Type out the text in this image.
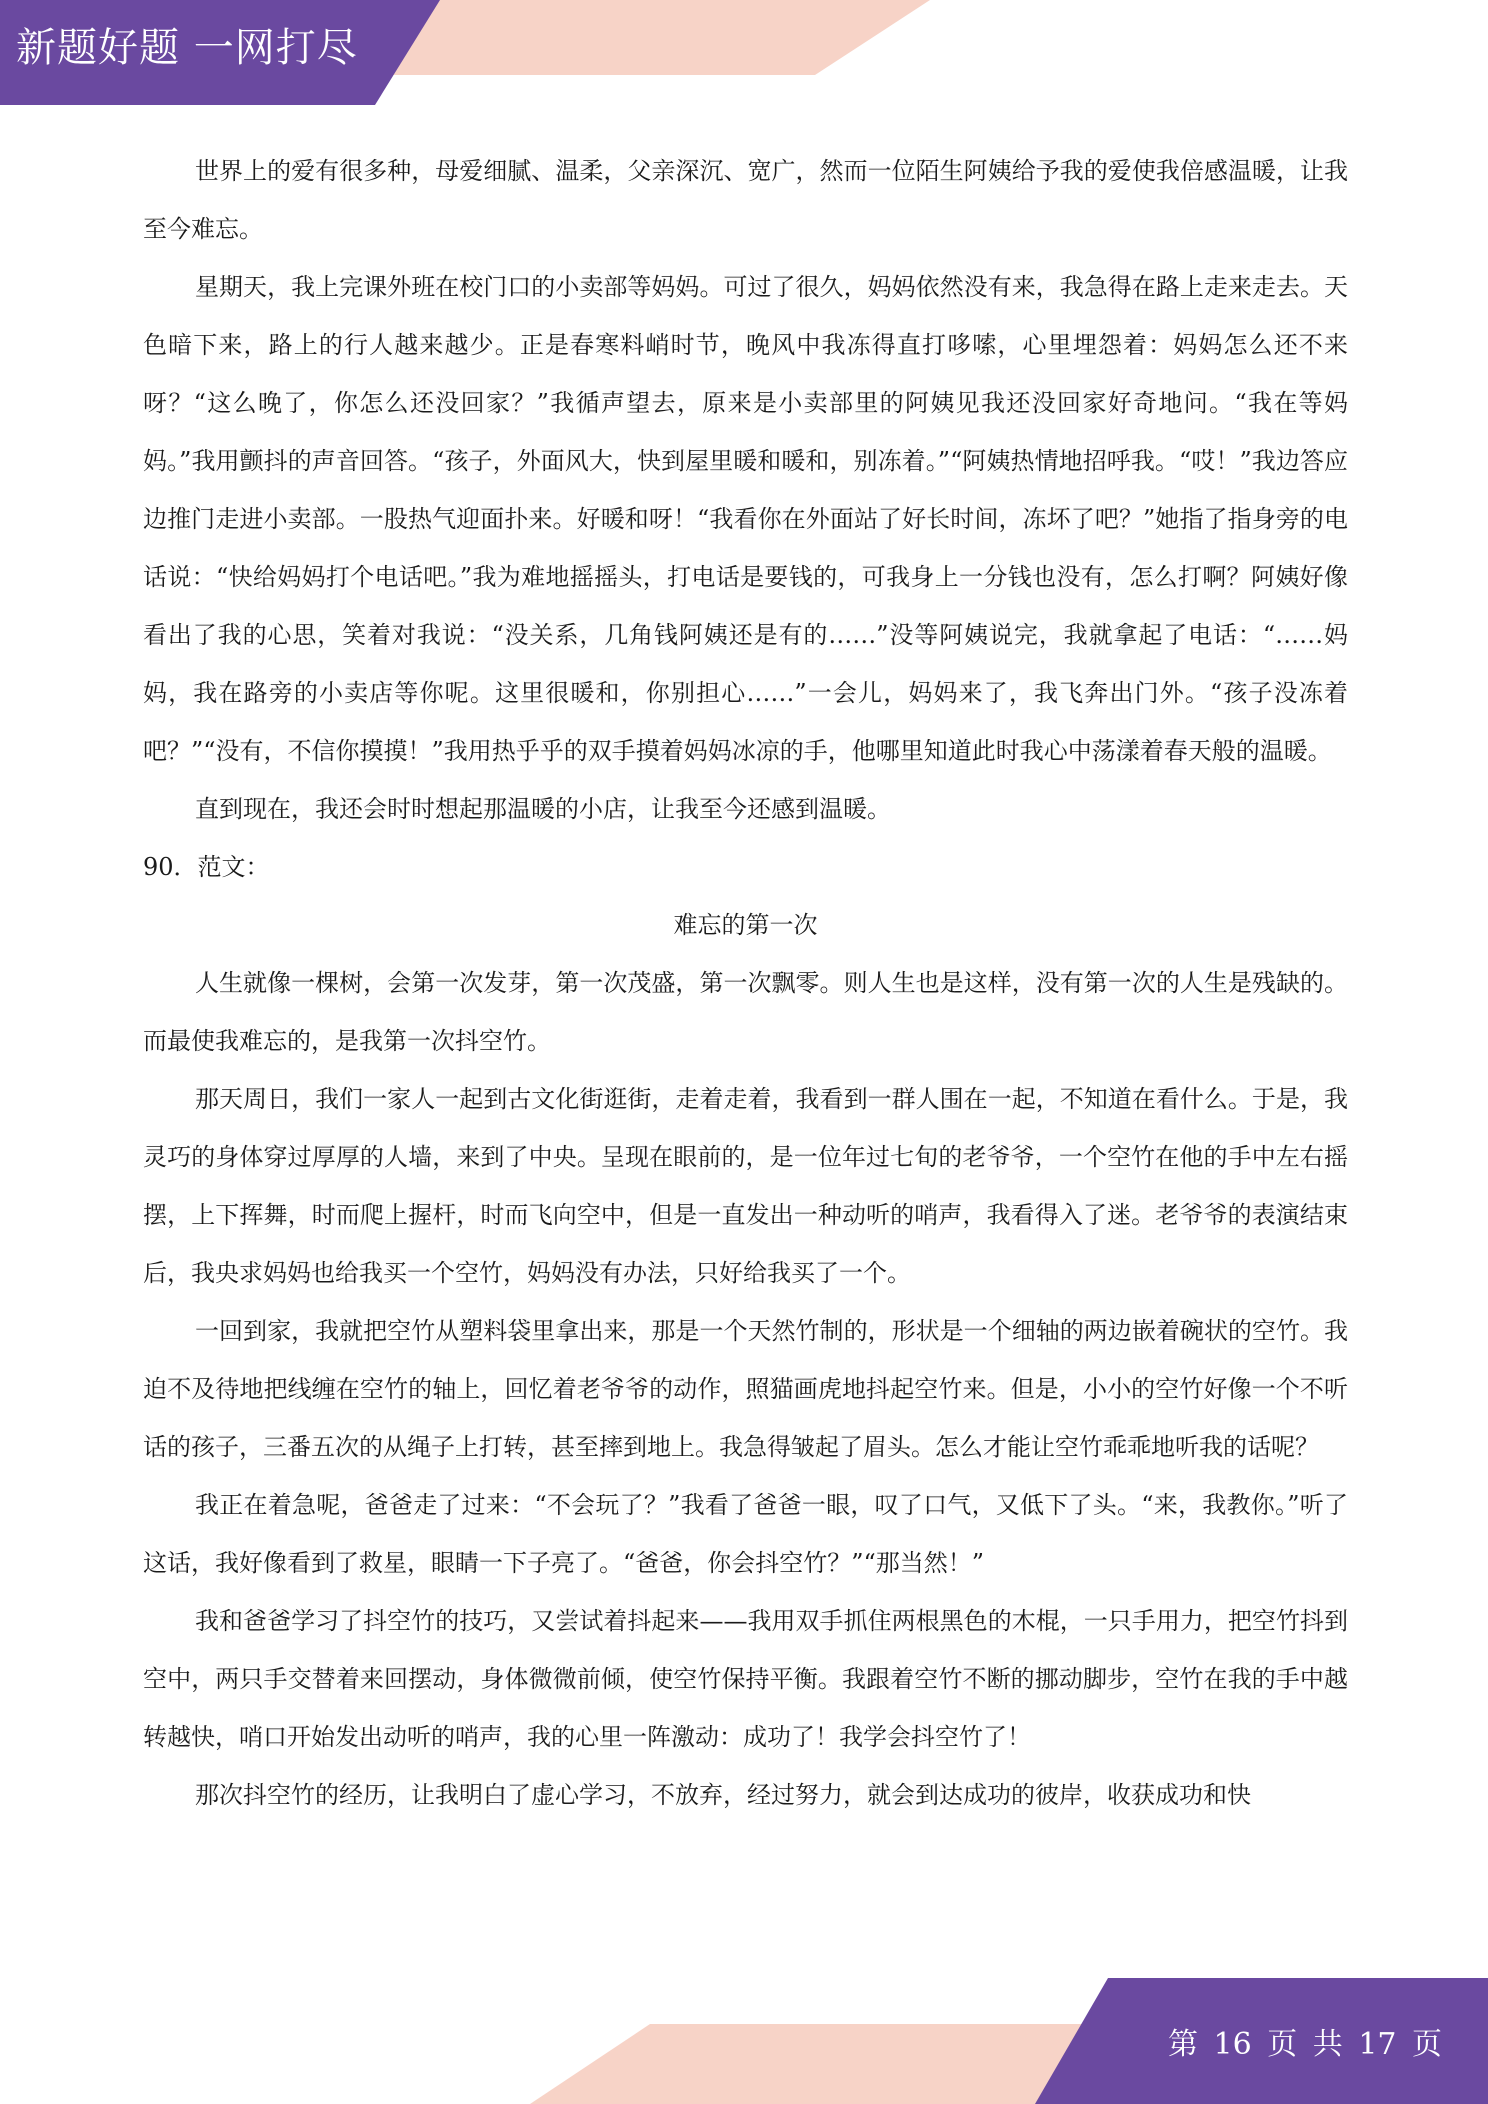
新题好题 一网打尽

世界上的爱有很多种，母爱细腻、温柔，父亲深沉、宽广，然而一位陌生阿姨给予我的爱使我倍感温暖，让我至今难忘。

星期天，我上完课外班在校门口的小卖部等妈妈。可过了很久，妈妈依然没有来，我急得在路上走来走去。天色暗下来，路上的行人越来越少。正是春寒料峭时节，晚风中我冻得直打哆嗦，心里埋怨着：妈妈怎么还不来呀？“这么晚了，你怎么还没回家？”我循声望去，原来是小卖部里的阿姨见我还没回家好奇地问。“我在等妈妈。”我用颤抖的声音回答。“孩子，外面风大，快到屋里暖和暖和，别冻着。”“阿姨热情地招呼我。“哎！”我边答应边推门走进小卖部。一股热气迎面扑来。好暖和呀！“我看你在外面站了好长时间，冻坏了吧？”她指了指身旁的电话说：“快给妈妈打个电话吧。”我为难地摇摇头，打电话是要钱的，可我身上一分钱也没有，怎么打啊？阿姨好像看出了我的心思，笑着对我说：“没关系，几角钱阿姨还是有的……”没等阿姨说完，我就拿起了电话：“……妈妈，我在路旁的小卖店等你呢。这里很暖和，你别担心……”一会儿，妈妈来了，我飞奔出门外。“孩子没冻着吧？”“没有，不信你摸摸！”我用热乎乎的双手摸着妈妈冰凉的手，他哪里知道此时我心中荡漾着春天般的温暖。

直到现在，我还会时时想起那温暖的小店，让我至今还感到温暖。

90．范文：

难忘的第一次

人生就像一棵树，会第一次发芽，第一次茂盛，第一次飘零。则人生也是这样，没有第一次的人生是残缺的。而最使我难忘的，是我第一次抖空竹。

那天周日，我们一家人一起到古文化街逛街，走着走着，我看到一群人围在一起，不知道在看什么。于是，我灵巧的身体穿过厚厚的人墙，来到了中央。呈现在眼前的，是一位年过七旬的老爷爷，一个空竹在他的手中左右摇摆，上下挥舞，时而爬上握杆，时而飞向空中，但是一直发出一种动听的哨声，我看得入了迷。老爷爷的表演结束后，我央求妈妈也给我买一个空竹，妈妈没有办法，只好给我买了一个。

一回到家，我就把空竹从塑料袋里拿出来，那是一个天然竹制的，形状是一个细轴的两边嵌着碗状的空竹。我迫不及待地把线缠在空竹的轴上，回忆着老爷爷的动作，照猫画虎地抖起空竹来。但是，小小的空竹好像一个不听话的孩子，三番五次的从绳子上打转，甚至摔到地上。我急得皱起了眉头。怎么才能让空竹乖乖地听我的话呢？

我正在着急呢，爸爸走了过来：“不会玩了？”我看了爸爸一眼，叹了口气，又低下了头。“来，我教你。”听了这话，我好像看到了救星，眼睛一下子亮了。“爸爸，你会抖空竹？”“那当然！”

我和爸爸学习了抖空竹的技巧，又尝试着抖起来——我用双手抓住两根黑色的木棍，一只手用力，把空竹抖到空中，两只手交替着来回摆动，身体微微前倾，使空竹保持平衡。我跟着空竹不断的挪动脚步，空竹在我的手中越转越快，哨口开始发出动听的哨声，我的心里一阵激动：成功了！我学会抖空竹了！

那次抖空竹的经历，让我明白了虚心学习，不放弃，经过努力，就会到达成功的彼岸，收获成功和快

第 16 页 共 17 页
